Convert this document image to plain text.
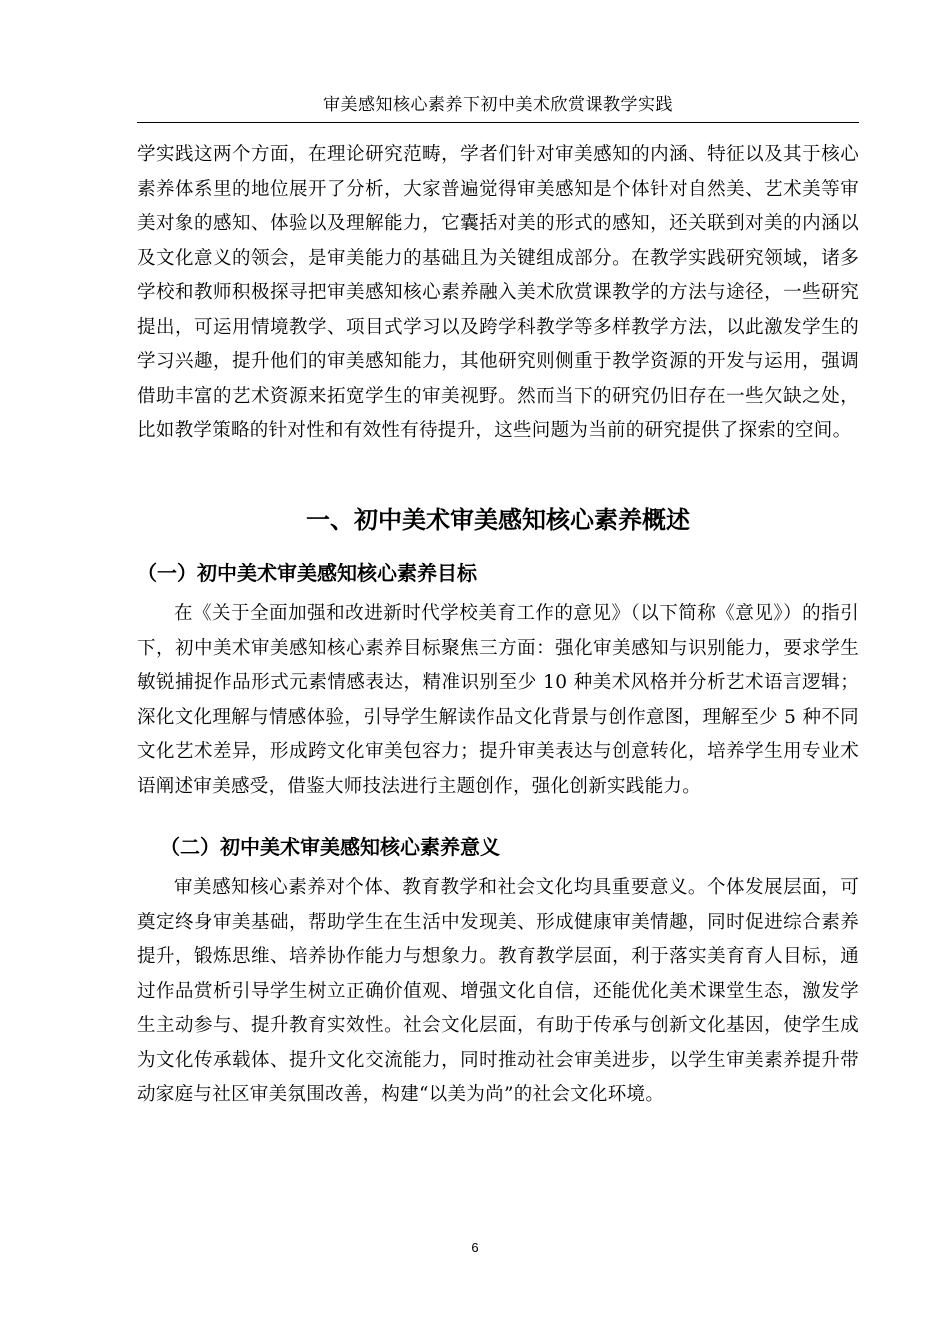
审美感知核心素养下初中美术欣赏课教学实践

学实践这两个方面，在理论研究范畴，学者们针对审美感知的内涵、特征以及其于核心素养体系里的地位展开了分析，大家普遍觉得审美感知是个体针对自然美、艺术美等审美对象的感知、体验以及理解能力，它囊括对美的形式的感知，还关联到对美的内涵以及文化意义的领会，是审美能力的基础且为关键组成部分。在教学实践研究领域，诸多学校和教师积极探寻把审美感知核心素养融入美术欣赏课教学的方法与途径，一些研究提出，可运用情境教学、项目式学习以及跨学科教学等多样教学方法，以此激发学生的学习兴趣，提升他们的审美感知能力，其他研究则侧重于教学资源的开发与运用，强调借助丰富的艺术资源来拓宽学生的审美视野。然而当下的研究仍旧存在一些欠缺之处，比如教学策略的针对性和有效性有待提升，这些问题为当前的研究提供了探索的空间。

一、初中美术审美感知核心素养概述
（一）初中美术审美感知核心素养目标

在《关于全面加强和改进新时代学校美育工作的意见》（以下简称《意见》）的指引下，初中美术审美感知核心素养目标聚焦三方面：强化审美感知与识别能力，要求学生敏锐捕捉作品形式元素情感表达，精准识别至少 10 种美术风格并分析艺术语言逻辑；深化文化理解与情感体验，引导学生解读作品文化背景与创作意图，理解至少 5 种不同文化艺术差异，形成跨文化审美包容力；提升审美表达与创意转化，培养学生用专业术语阐述审美感受，借鉴大师技法进行主题创作，强化创新实践能力。

（二）初中美术审美感知核心素养意义

审美感知核心素养对个体、教育教学和社会文化均具重要意义。个体发展层面，可奠定终身审美基础，帮助学生在生活中发现美、形成健康审美情趣，同时促进综合素养提升，锻炼思维、培养协作能力与想象力。教育教学层面，利于落实美育育人目标，通过作品赏析引导学生树立正确价值观、增强文化自信，还能优化美术课堂生态，激发学生主动参与、提升教育实效性。社会文化层面，有助于传承与创新文化基因，使学生成为文化传承载体、提升文化交流能力，同时推动社会审美进步，以学生审美素养提升带动家庭与社区审美氛围改善，构建“以美为尚”的社会文化环境。

6
